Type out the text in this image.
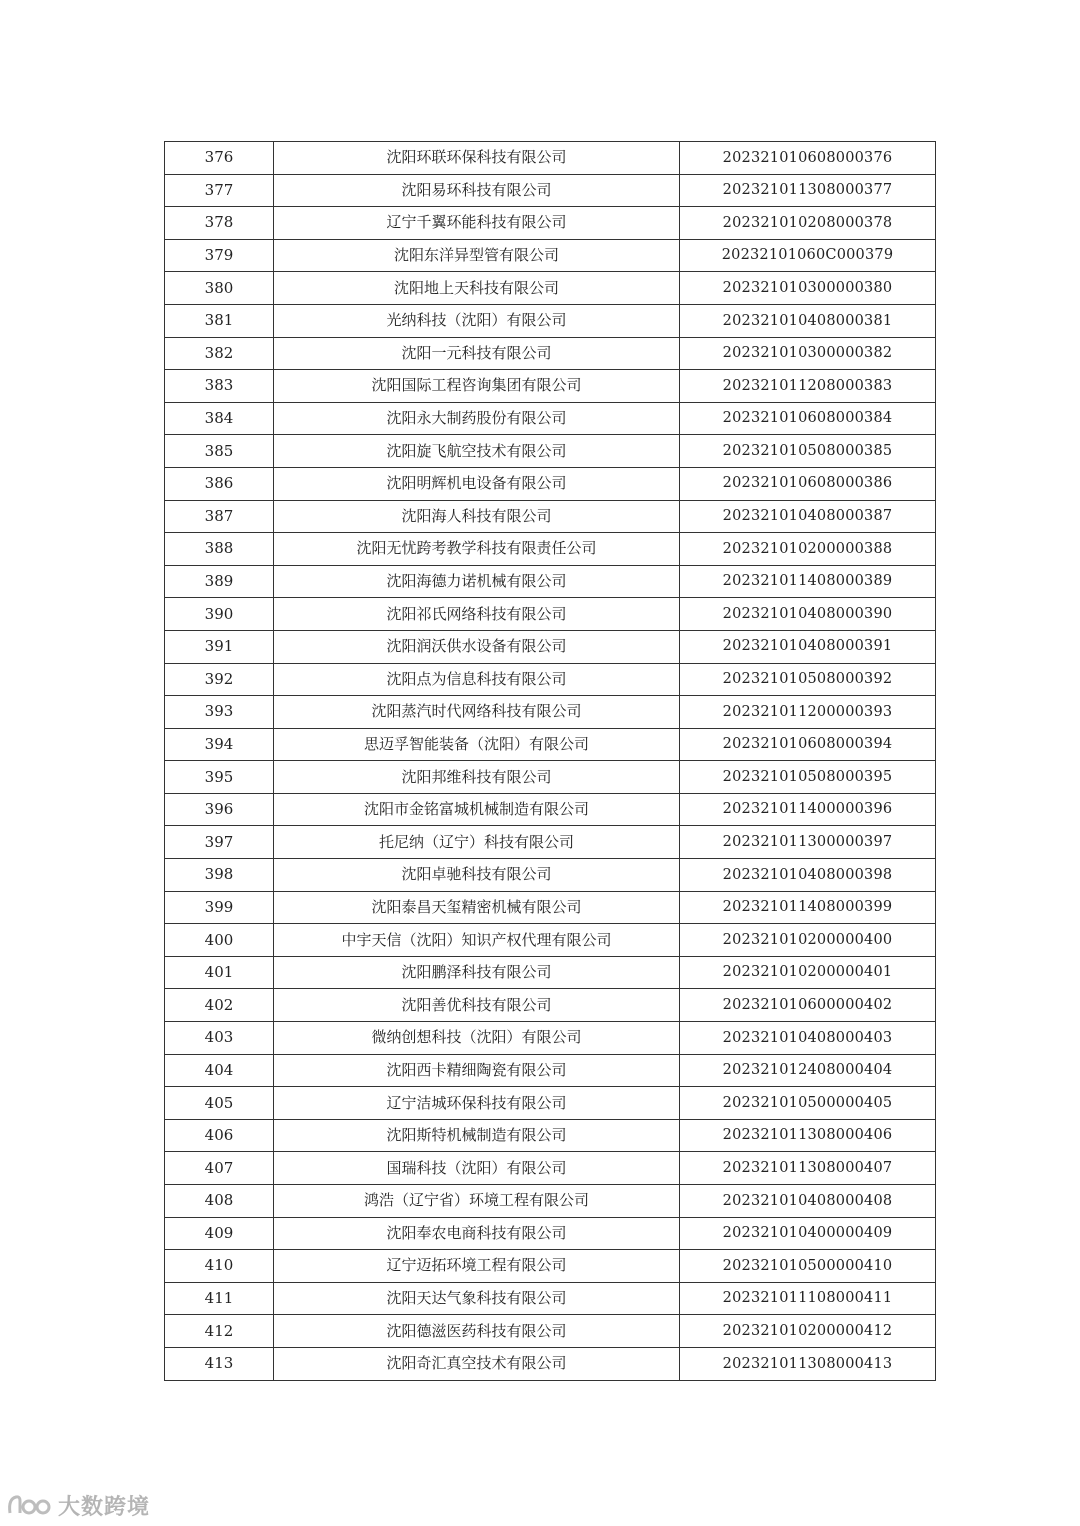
376	沈阳环联环保科技有限公司	202321010608000376
377	沈阳易环科技有限公司	202321011308000377
378	辽宁千翼环能科技有限公司	202321010208000378
379	沈阳东洋异型管有限公司	20232101060C000379
380	沈阳地上天科技有限公司	202321010300000380
381	光纳科技（沈阳）有限公司	202321010408000381
382	沈阳一元科技有限公司	202321010300000382
383	沈阳国际工程咨询集团有限公司	202321011208000383
384	沈阳永大制药股份有限公司	202321010608000384
385	沈阳旋飞航空技术有限公司	202321010508000385
386	沈阳明辉机电设备有限公司	202321010608000386
387	沈阳海人科技有限公司	202321010408000387
388	沈阳无忧跨考教学科技有限责任公司	202321010200000388
389	沈阳海德力诺机械有限公司	202321011408000389
390	沈阳祁氏网络科技有限公司	202321010408000390
391	沈阳润沃供水设备有限公司	202321010408000391
392	沈阳点为信息科技有限公司	202321010508000392
393	沈阳蒸汽时代网络科技有限公司	202321011200000393
394	思迈孚智能装备（沈阳）有限公司	202321010608000394
395	沈阳邦维科技有限公司	202321010508000395
396	沈阳市金铭富城机械制造有限公司	202321011400000396
397	托尼纳（辽宁）科技有限公司	202321011300000397
398	沈阳卓驰科技有限公司	202321010408000398
399	沈阳泰昌天玺精密机械有限公司	202321011408000399
400	中宇天信（沈阳）知识产权代理有限公司	202321010200000400
401	沈阳鹏泽科技有限公司	202321010200000401
402	沈阳善优科技有限公司	202321010600000402
403	微纳创想科技（沈阳）有限公司	202321010408000403
404	沈阳西卡精细陶瓷有限公司	202321012408000404
405	辽宁洁城环保科技有限公司	202321010500000405
406	沈阳斯特机械制造有限公司	202321011308000406
407	国瑞科技（沈阳）有限公司	202321011308000407
408	鸿浩（辽宁省）环境工程有限公司	202321010408000408
409	沈阳奉农电商科技有限公司	202321010400000409
410	辽宁迈拓环境工程有限公司	202321010500000410
411	沈阳天达气象科技有限公司	202321011108000411
412	沈阳德滋医药科技有限公司	202321010200000412
413	沈阳奇汇真空技术有限公司	202321011308000413
大数跨境
